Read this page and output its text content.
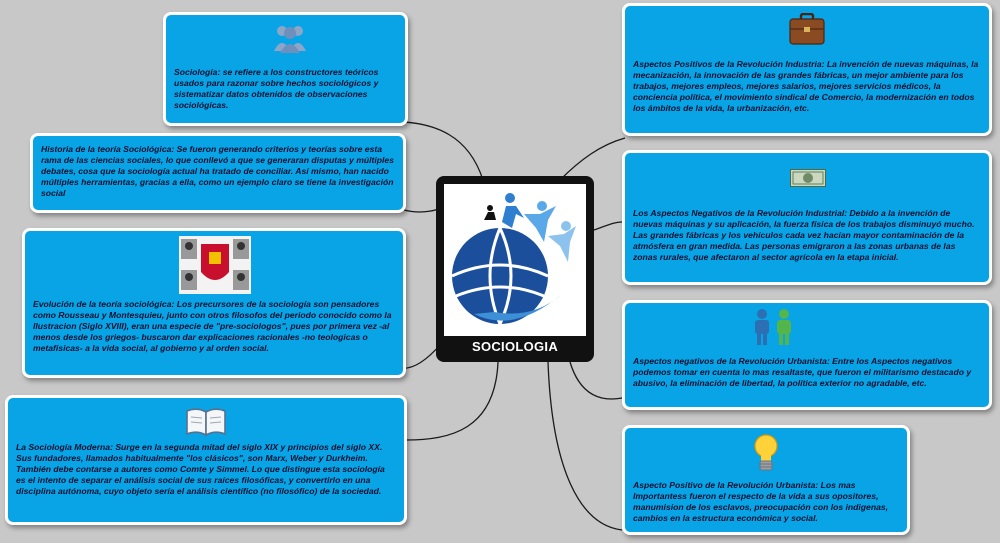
Sociología: se refiere a los constructores teóricos usados para razonar sobre hechos sociológicos y sistematizar datos obtenidos de observaciones sociológicas.

Historia de la teoría Sociológica: Se fueron generando criterios y teorías sobre esta rama de las ciencias sociales, lo que conllevó a que se generaran disputas y múltiples debates, cosa que la sociología actual ha tratado de conciliar. Así mismo, han nacido múltiples herramientas, gracias a ella, como un ejemplo claro se tiene la investigación social

Evolución de la teoría sociológica: Los precursores de la sociología son pensadores como Rousseau y Montesquieu, junto con otros filosofos del periodo conocido como la Ilustracion (Siglo XVIII), eran una especie de "pre-sociologos", pues por primera vez -al menos desde los griegos- buscaron dar explicaciones racionales -no teologicas o metafisicas- a la vida social, al gobierno y al orden social.

La Sociología Moderna: Surge en la segunda mitad del siglo XIX y principios del siglo XX. Sus fundadores, llamados habitualmente "los clásicos", son Marx, Weber y Durkheim. También debe contarse a autores como Comte y Simmel. Lo que distingue esta sociología es el intento de separar el análisis social de sus raíces filosóficas, y convertirlo en una disciplina autónoma, cuyo objeto sería el análisis científico (no filosófico) de la sociedad.

SOCIOLOGIA

Aspectos Positivos de la Revolución Industria: La invención de nuevas máquinas, la mecanización, la innovación de las grandes fábricas, un mejor ambiente para los trabajos, mejores empleos, mejores salarios, mejores servicios médicos, la conciencia política, el movimiento sindical de Comercio, la modernización en todos los ámbitos de la vida, la urbanización, etc.

Los Aspectos Negativos de la Revolución Industrial: Debido a la invención de nuevas máquinas y su aplicación, la fuerza física de los trabajos disminuyó mucho. Las grandes fábricas y los vehículos cada vez hacían mayor contaminación de la atmósfera en gran medida. Las personas emigraron a las zonas urbanas de las zonas rurales, que afectaron al sector agrícola en la etapa inicial.

Aspectos negativos de la Revolución Urbanista: Entre los Aspectos negativos podemos tomar en cuenta lo mas resaltaste, que fueron el militarismo destacado y abusivo, la eliminación de libertad, la política exterior no agradable, etc.

Aspecto Positivo de la Revolución Urbanista: Los mas Importantess fueron el respecto de la vida a sus opositores, manumision de los esclavos, preocupación con los indigenas, cambios en la estructura económica y social.
